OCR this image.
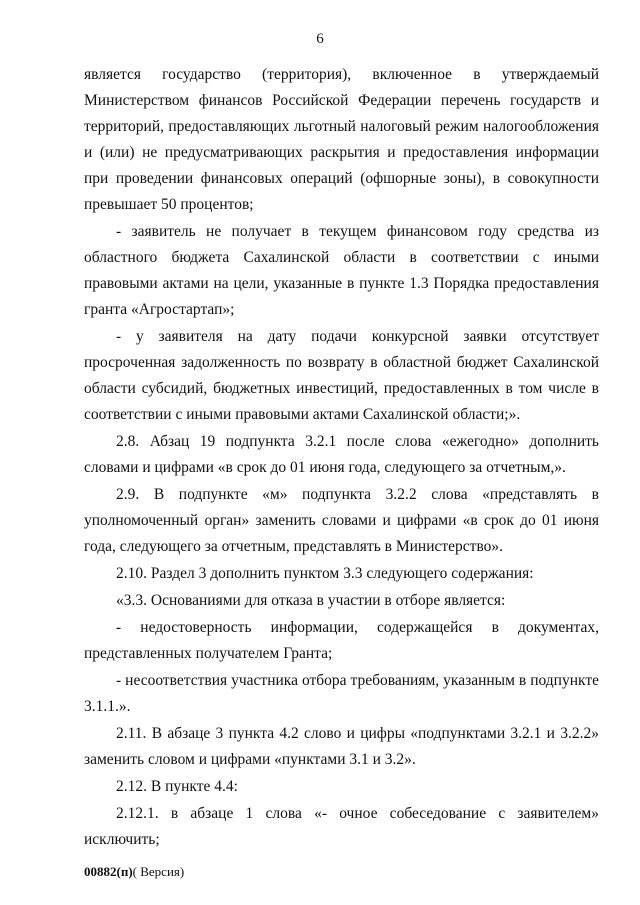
6

является государство (территория), включенное в утверждаемый Министерством финансов Российской Федерации перечень государств и территорий, предоставляющих льготный налоговый режим налогообложения и (или) не предусматривающих раскрытия и предоставления информации при проведении финансовых операций (офшорные зоны), в совокупности превышает 50 процентов;

- заявитель не получает в текущем финансовом году средства из областного бюджета Сахалинской области в соответствии с иными правовыми актами на цели, указанные в пункте 1.3 Порядка предоставления гранта «Агростартап»;

- у заявителя на дату подачи конкурсной заявки отсутствует просроченная задолженность по возврату в областной бюджет Сахалинской области субсидий, бюджетных инвестиций, предоставленных в том числе в соответствии с иными правовыми актами Сахалинской области;».

2.8. Абзац 19 подпункта 3.2.1 после слова «ежегодно» дополнить словами и цифрами «в срок до 01 июня года, следующего за отчетным,».

2.9. В подпункте «м» подпункта 3.2.2 слова «представлять в уполномоченный орган» заменить словами и цифрами «в срок до 01 июня года, следующего за отчетным, представлять в Министерство».

2.10. Раздел 3 дополнить пунктом 3.3 следующего содержания:

«3.3. Основаниями для отказа в участии в отборе является:

- недостоверность информации, содержащейся в документах, представленных получателем Гранта;

- несоответствия участника отбора требованиям, указанным в подпункте 3.1.1.».

2.11. В абзаце 3 пункта 4.2 слово и цифры «подпунктами 3.2.1 и 3.2.2» заменить словом и цифрами «пунктами 3.1 и 3.2».

2.12. В пункте 4.4:

2.12.1. в абзаце 1 слова «- очное собеседование с заявителем» исключить;

00882(п)( Версия)
